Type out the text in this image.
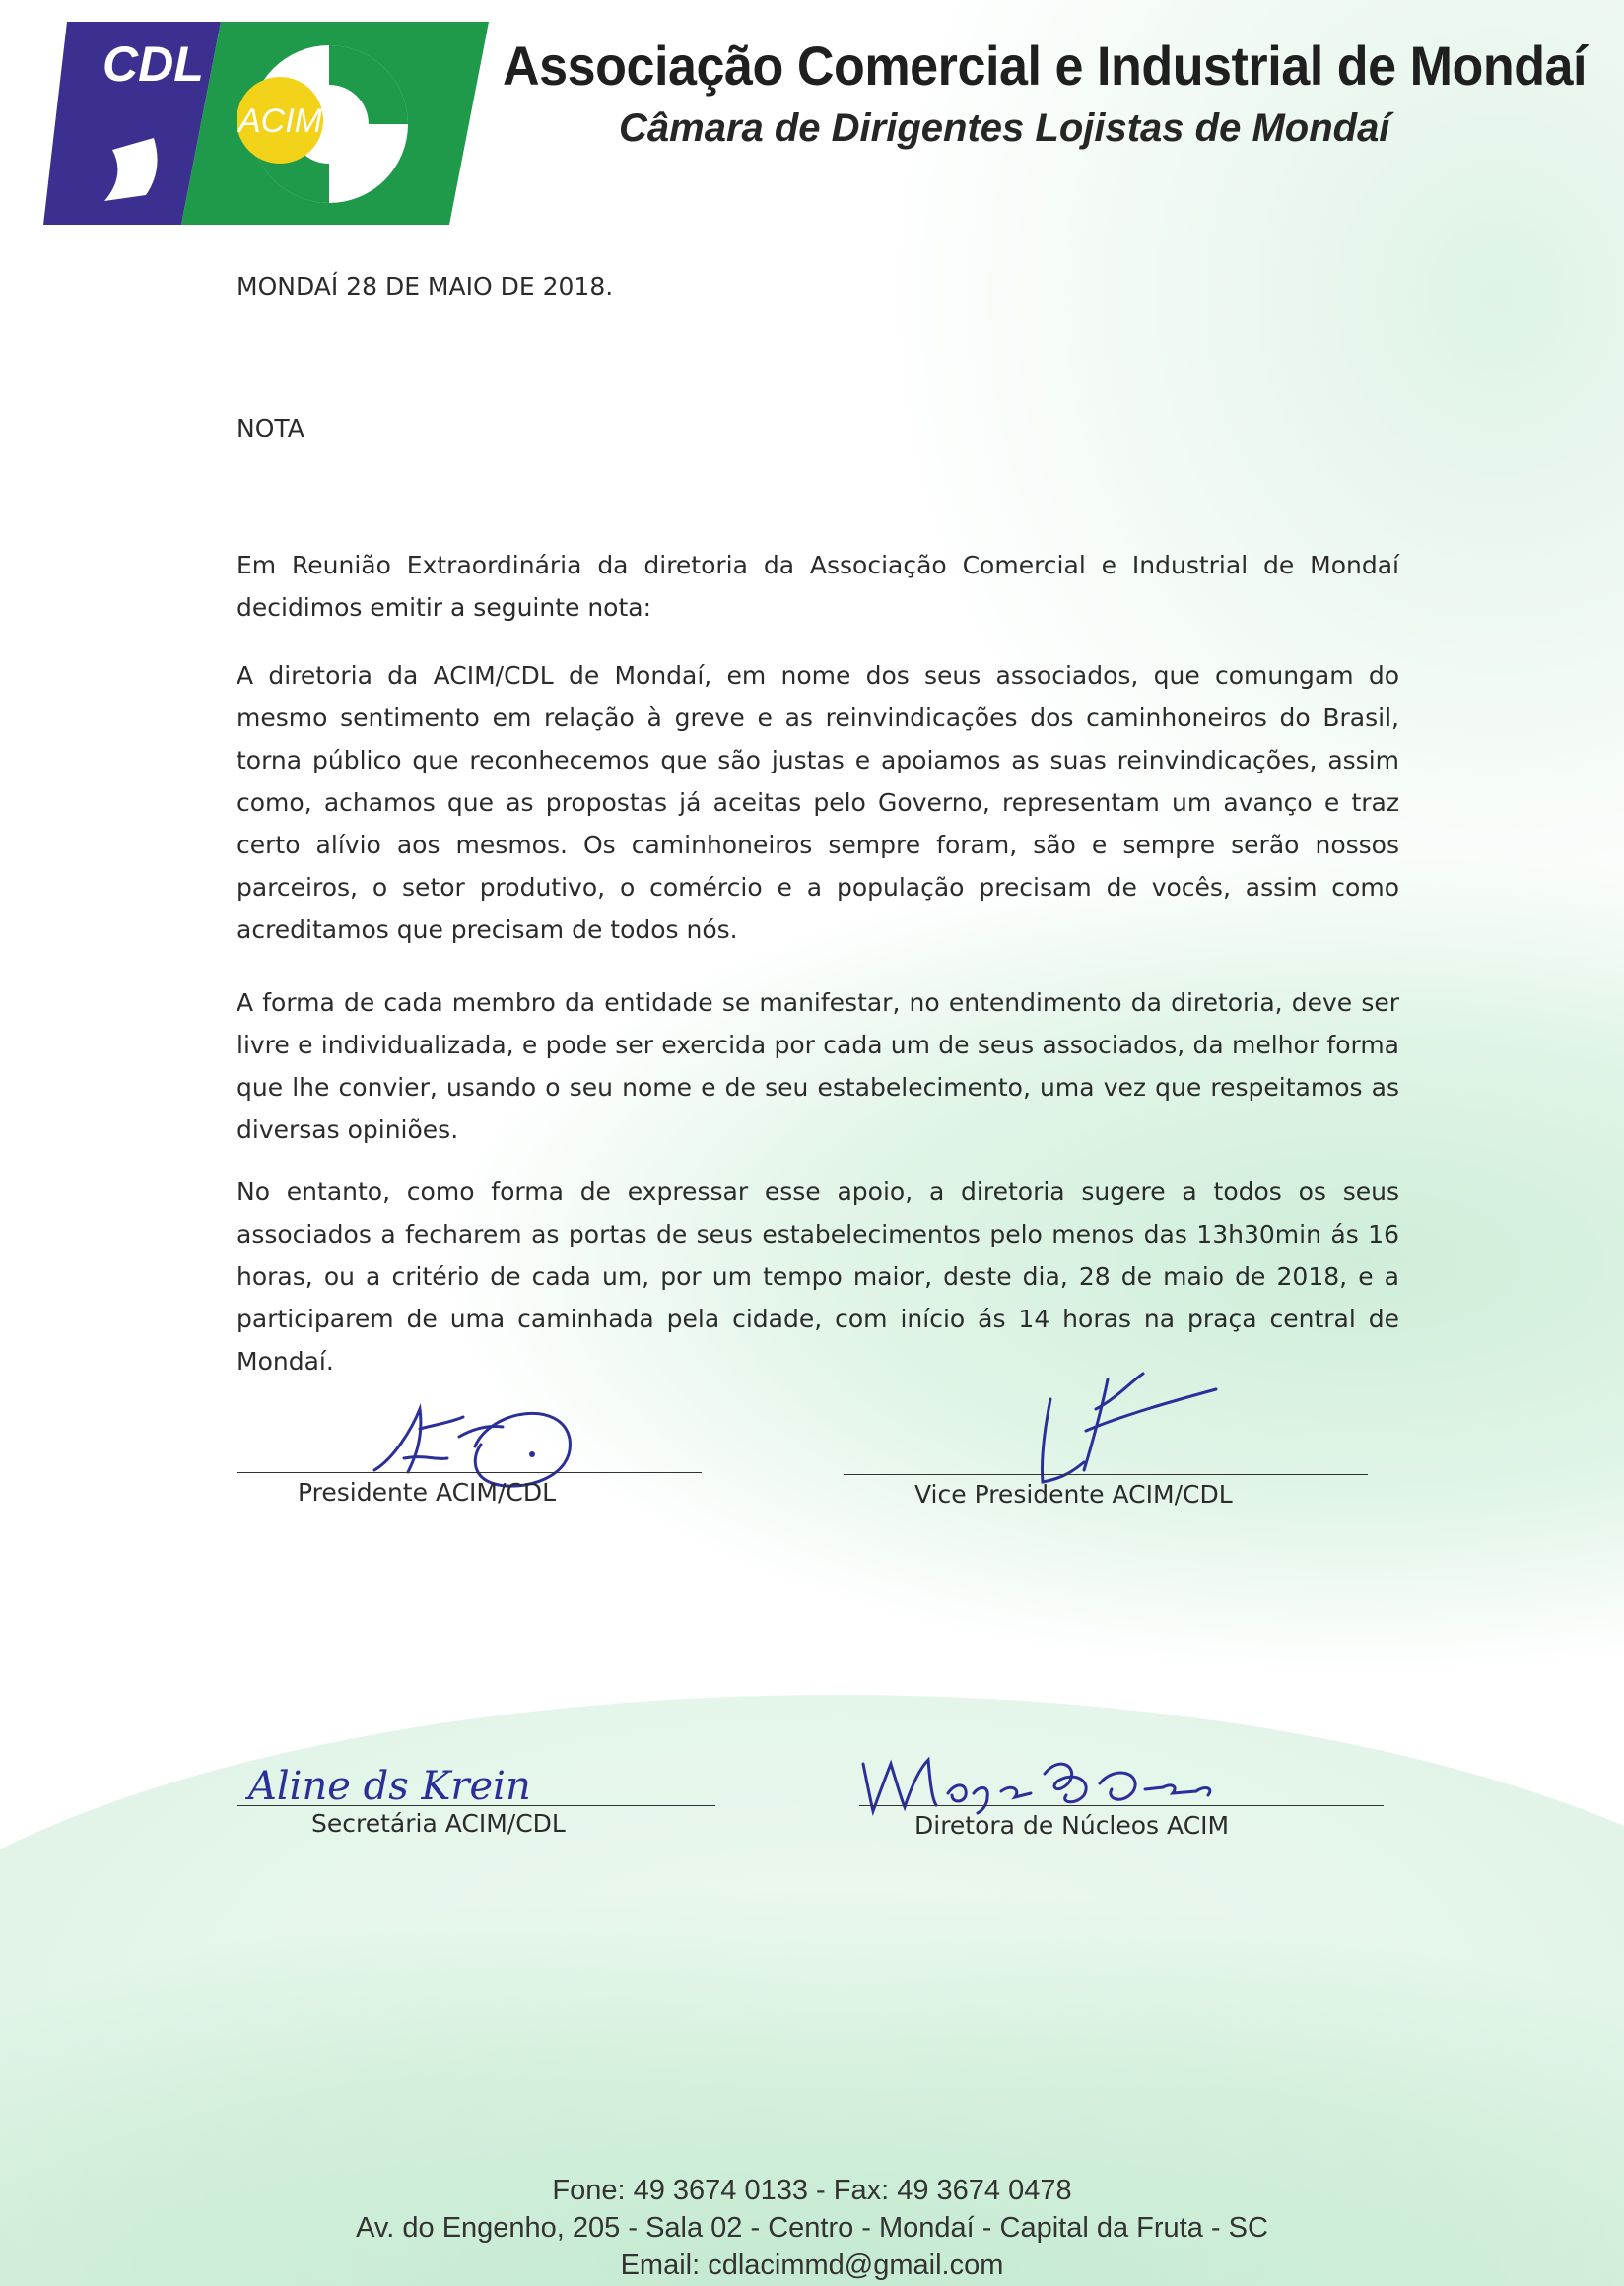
CDL
ACIM
Associação Comercial e Industrial de Mondaí
Câmara de Dirigentes Lojistas de Mondaí
MONDAÍ 28 DE MAIO DE 2018.
NOTA

Em Reunião Extraordinária da diretoria da Associação Comercial e Industrial de Mondaí decidimos emitir a seguinte nota:

A diretoria da ACIM/CDL de Mondaí, em nome dos seus associados, que comungam do mesmo sentimento em relação à greve e as reinvindicações dos caminhoneiros do Brasil, torna público que reconhecemos que são justas e apoiamos as suas reinvindicações, assim como, achamos que as propostas já aceitas pelo Governo, representam um avanço e traz certo alívio aos mesmos. Os caminhoneiros sempre foram, são e sempre serão nossos parceiros, o setor produtivo, o comércio e a população precisam de vocês, assim como acreditamos que precisam de todos nós.

A forma de cada membro da entidade se manifestar, no entendimento da diretoria, deve ser livre e individualizada, e pode ser exercida por cada um de seus associados, da melhor forma que lhe convier, usando o seu nome e de seu estabelecimento, uma vez que respeitamos as diversas opiniões.

No entanto, como forma de expressar esse apoio, a diretoria sugere a todos os seus associados a fecharem as portas de seus estabelecimentos pelo menos das 13h30min ás 16 horas, ou a critério de cada um, por um tempo maior, deste dia, 28 de maio de 2018, e a participarem de uma caminhada pela cidade, com início ás 14 horas na praça central de Mondaí.

Presidente ACIM/CDL	Vice Presidente ACIM/CDL
Aline ds Krein
Secretária ACIM/CDL	Diretora de Núcleos ACIM
Fone: 49 3674 0133 - Fax: 49 3674 0478
Av. do Engenho, 205 - Sala 02 - Centro - Mondaí - Capital da Fruta - SC
Email: cdlacimmd@gmail.com
